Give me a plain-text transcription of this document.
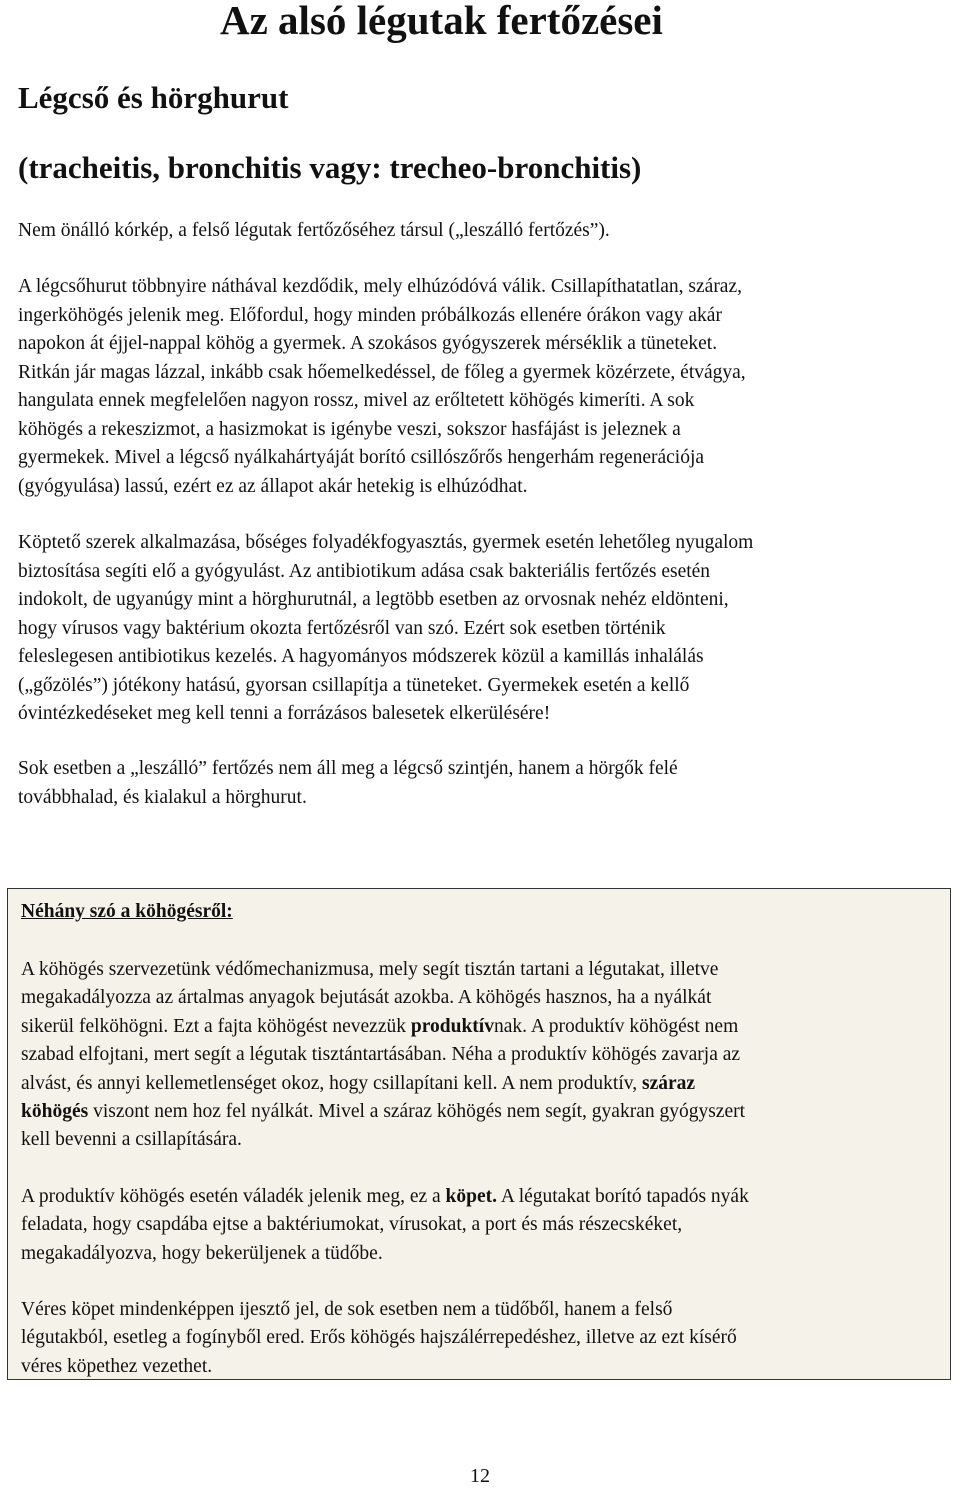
Az alsó légutak fertőzései
Légcső és hörghurut
(tracheitis, bronchitis vagy: trecheo-bronchitis)

Nem önálló kórkép, a felső légutak fertőzőséhez társul („leszálló fertőzés”).

A légcsőhurut többnyire náthával kezdődik, mely elhúzódóvá válik. Csillapíthatatlan, száraz,
ingerköhögés jelenik meg. Előfordul, hogy minden próbálkozás ellenére órákon vagy akár
napokon át éjjel-nappal köhög a gyermek. A szokásos gyógyszerek mérséklik a tüneteket.
Ritkán jár magas lázzal, inkább csak hőemelkedéssel, de főleg a gyermek közérzete, étvágya,
hangulata ennek megfelelően nagyon rossz, mivel az erőltetett köhögés kimeríti. A sok
köhögés a rekeszizmot, a hasizmokat is igénybe veszi, sokszor hasfájást is jeleznek a
gyermekek. Mivel a légcső nyálkahártyáját borító csillószőrős hengerhám regenerációja
(gyógyulása) lassú, ezért ez az állapot akár hetekig is elhúzódhat.

Köptető szerek alkalmazása, bőséges folyadékfogyasztás, gyermek esetén lehetőleg nyugalom
biztosítása segíti elő a gyógyulást. Az antibiotikum adása csak bakteriális fertőzés esetén
indokolt, de ugyanúgy mint a hörghurutnál, a legtöbb esetben az orvosnak nehéz eldönteni,
hogy vírusos vagy baktérium okozta fertőzésről van szó. Ezért sok esetben történik
feleslegesen antibiotikus kezelés. A hagyományos módszerek közül a kamillás inhalálás
(„gőzölés”) jótékony hatású, gyorsan csillapítja a tüneteket. Gyermekek esetén a kellő
óvintézkedéseket meg kell tenni a forrázásos balesetek elkerülésére!

Sok esetben a „leszálló” fertőzés nem áll meg a légcső szintjén, hanem a hörgők felé
továbbhalad, és kialakul a hörghurut.

Néhány szó a köhögésről:

A köhögés szervezetünk védőmechanizmusa, mely segít tisztán tartani a légutakat, illetve
megakadályozza az ártalmas anyagok bejutását azokba. A köhögés hasznos, ha a nyálkát
sikerül felköhögni. Ezt a fajta köhögést nevezzük produktívnak. A produktív köhögést nem
szabad elfojtani, mert segít a légutak tisztántartásában. Néha a produktív köhögés zavarja az
alvást, és annyi kellemetlenséget okoz, hogy csillapítani kell. A nem produktív, száraz
köhögés viszont nem hoz fel nyálkát. Mivel a száraz köhögés nem segít, gyakran gyógyszert
kell bevenni a csillapítására.

A produktív köhögés esetén váladék jelenik meg, ez a köpet. A légutakat borító tapadós nyák
feladata, hogy csapdába ejtse a baktériumokat, vírusokat, a port és más részecskéket,
megakadályozva, hogy bekerüljenek a tüdőbe.

Véres köpet mindenképpen ijesztő jel, de sok esetben nem a tüdőből, hanem a felső
légutakból, esetleg a fogínyből ered. Erős köhögés hajszálérrepedéshez, illetve az ezt kísérő
véres köpethez vezethet.

12
